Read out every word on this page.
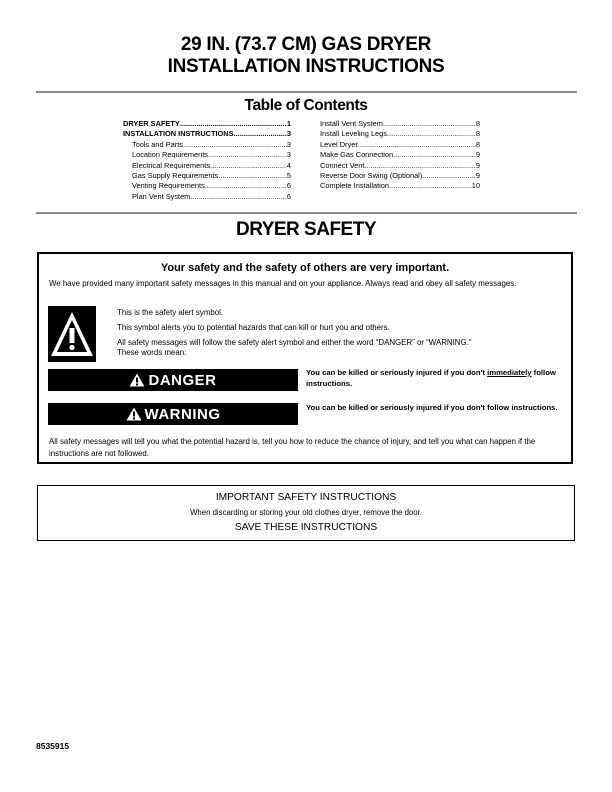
29 IN. (73.7 CM) GAS DRYER
INSTALLATION INSTRUCTIONS
Table of Contents
DRYER SAFETY .....	1
INSTALLATION INSTRUCTIONS .....	3
Tools and Parts .....	3
Location Requirements .....	3
Electrical Requirements .....	4
Gas Supply Requirements .....	5
Venting Requirements .....	6
Plan Vent System .....	6
Install Vent System .....	8
Install Leveling Legs .....	8
Level Dryer .....	8
Make Gas Connection .....	9
Connect Vent .....	9
Reverse Door Swing (Optional) .....	9
Complete Installation .....	10
DRYER SAFETY
Your safety and the safety of others are very important.
We have provided many important safety messages in this manual and on your appliance. Always read and obey all safety messages.
This is the safety alert symbol.
This symbol alerts you to potential hazards that can kill or hurt you and others.
All safety messages will follow the safety alert symbol and either the word “DANGER” or “WARNING.”
These words mean:
DANGER	You can be killed or seriously injured if you don't immediately follow instructions.
WARNING	You can be killed or seriously injured if you don't follow instructions.
All safety messages will tell you what the potential hazard is, tell you how to reduce the chance of injury, and tell you what can happen if the instructions are not followed.
IMPORTANT SAFETY INSTRUCTIONS
When discarding or storing your old clothes dryer, remove the door.
SAVE THESE INSTRUCTIONS
8535915
